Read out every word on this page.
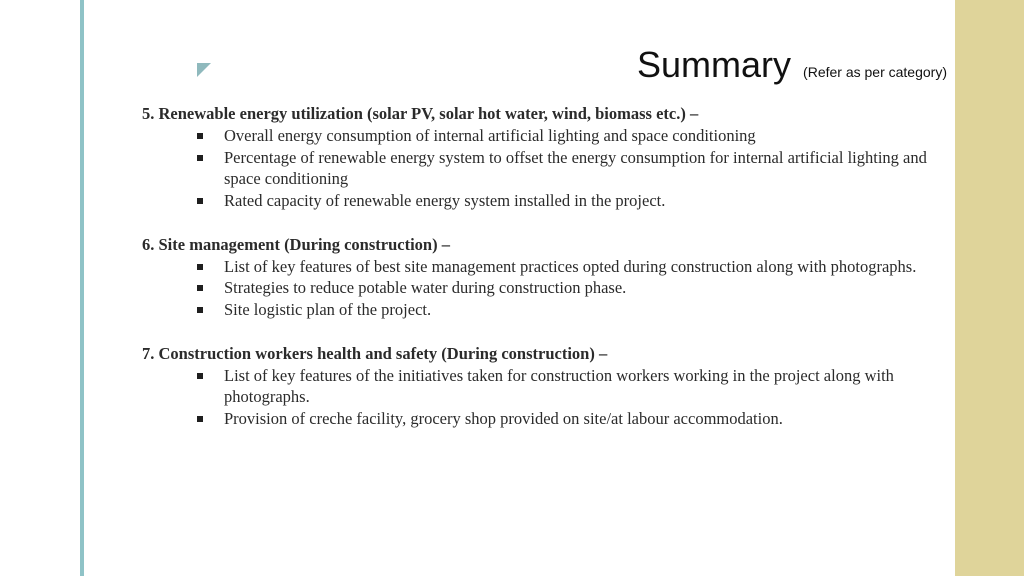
Summary (Refer as per category)
5. Renewable energy utilization (solar PV, solar hot water, wind, biomass etc.) –
Overall energy consumption of internal artificial lighting and space conditioning
Percentage of renewable energy system to offset the energy consumption for internal artificial lighting and space conditioning
Rated capacity of renewable energy system installed in the project.
6. Site management (During construction) –
List of key features of best site management practices opted during construction along with photographs.
Strategies to reduce potable water during construction phase.
Site logistic plan of the project.
7. Construction workers health and safety (During construction) –
List of key features of the initiatives taken for construction workers working in the project along with photographs.
Provision of creche facility, grocery shop provided on site/at labour accommodation.
